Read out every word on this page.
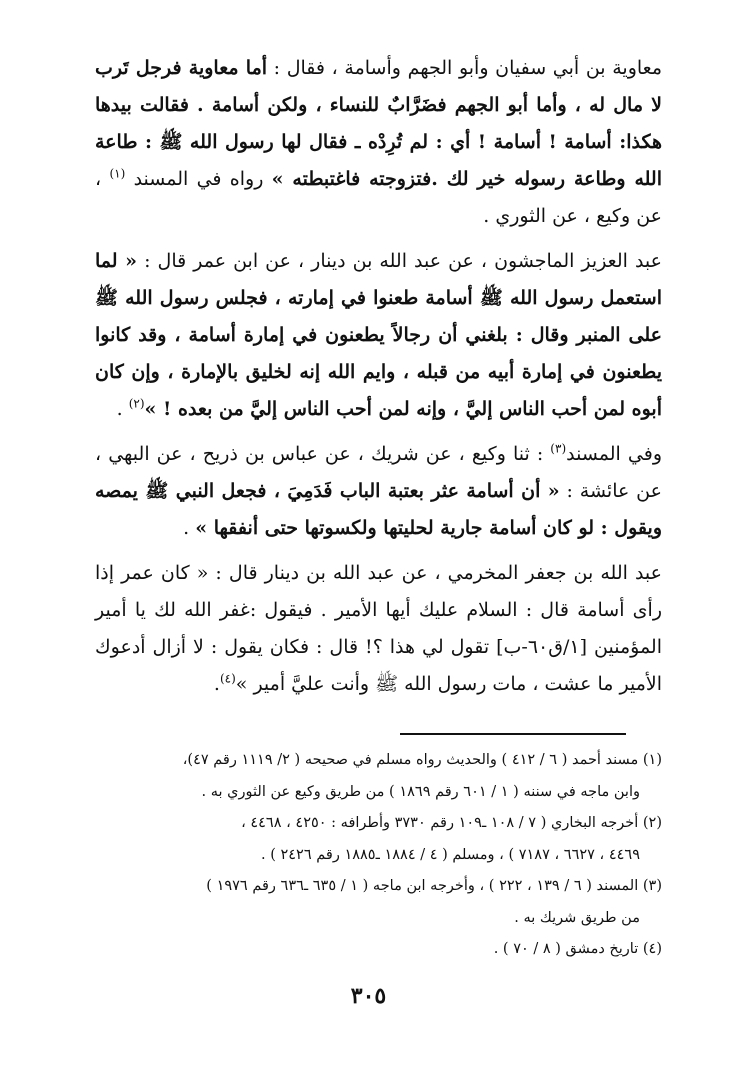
معاوية بن أبي سفيان وأبو الجهم وأسامة ، فقال : أما معاوية فرجل تَرب لا مال له ، وأما أبو الجهم فضَرَّابٌ للنساء ، ولكن أسامة . فقالت بيدها هكذا: أسامة ! أسامة ! أي : لم تُرِدْه ـ فقال لها رسول الله ﷺ : طاعة الله وطاعة رسوله خير لك .فتزوجته فاغتبطته » رواه في المسند $^{(١)}$ ، عن وكيع ، عن الثوري .

عبد العزيز الماجشون ، عن عبد الله بن دينار ، عن ابن عمر قال : « لما استعمل رسول الله ﷺ أسامة طعنوا في إمارته ، فجلس رسول الله ﷺ على المنبر وقال : بلغني أن رجالاً يطعنون في إمارة أسامة ، وقد كانوا يطعنون في إمارة أبيه من قبله ، وايم الله إنه لخليق بالإمارة ، وإن كان أبوه لمن أحب الناس إليَّ ، وإنه لمن أحب الناس إليَّ من بعده ! »$^{(٢)}$ .

وفي المسند$^{(٣)}$ : ثنا وكيع ، عن شريك ، عن عباس بن ذريح ، عن البهي ، عن عائشة : « أن أسامة عثر بعتبة الباب فَدَمِيَ ، فجعل النبي ﷺ يمصه ويقول : لو كان أسامة جارية لحليتها ولكسوتها حتى أنفقها » .

عبد الله بن جعفر المخرمي ، عن عبد الله بن دينار قال : « كان عمر إذا رأى أسامة قال : السلام عليك أيها الأمير . فيقول :غفر الله لك يا أمير المؤمنين [١/ق٦٠-ب] تقول لي هذا ؟! قال : فكان يقول : لا أزال أدعوك الأمير ما عشت ، مات رسول الله ﷺ وأنت عليَّ أمير »$^{(٤)}$.

(١) مسند أحمد ( ٦ / ٤١٢ ) والحديث رواه مسلم في صحيحه ( ٢/ ١١١٩ رقم ٤٧)،

وابن ماجه في سننه ( ١ / ٦٠١ رقم ١٨٦٩ ) من طريق وكيع عن الثوري به .

(٢) أخرجه البخاري ( ٧ / ١٠٨ ـ١٠٩ رقم ٣٧٣٠ وأطرافه : ٤٢٥٠ ، ٤٤٦٨ ،

٤٤٦٩ ، ٦٦٢٧ ، ٧١٨٧ ) ، ومسلم ( ٤ / ١٨٨٤ ـ١٨٨٥ رقم ٢٤٢٦ ) .

(٣) المسند ( ٦ / ١٣٩ ، ٢٢٢ ) ، وأخرجه ابن ماجه ( ١ / ٦٣٥ ـ٦٣٦ رقم ١٩٧٦ )

من طريق شريك به .

(٤) تاريخ دمشق ( ٨ / ٧٠ ) .

٣٠٥
